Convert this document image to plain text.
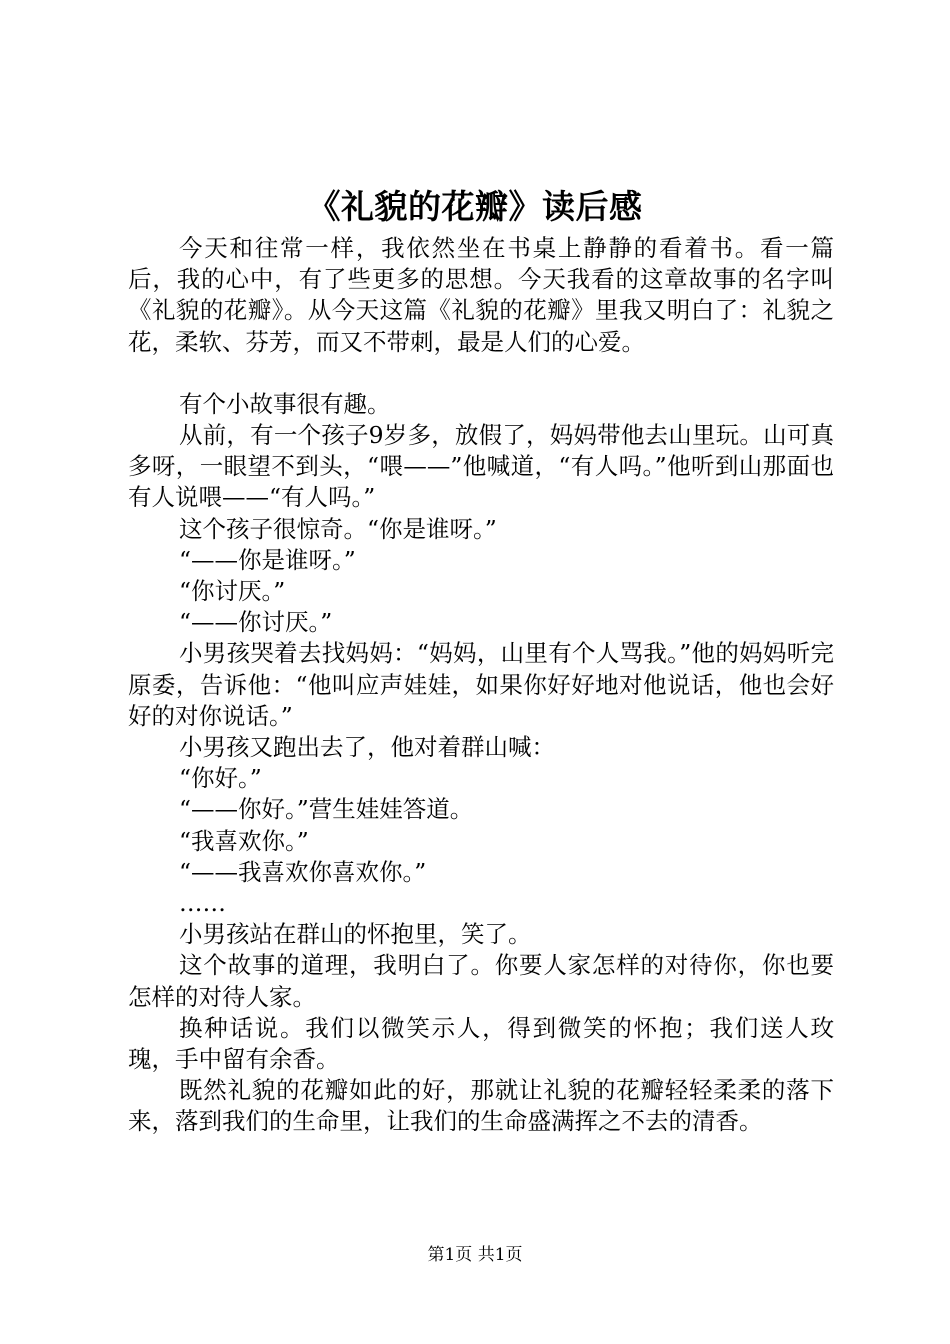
《礼貌的花瓣》读后感

今天和往常一样，我依然坐在书桌上静静的看着书。看一篇后，我的心中，有了些更多的思想。今天我看的这章故事的名字叫《礼貌的花瓣》。从今天这篇《礼貌的花瓣》里我又明白了：礼貌之花，柔软、芬芳，而又不带刺，最是人们的心爱。

有个小故事很有趣。

从前，有一个孩子9岁多，放假了，妈妈带他去山里玩。山可真多呀，一眼望不到头，“喂——”他喊道，“有人吗。”他听到山那面也有人说喂——“有人吗。”

这个孩子很惊奇。“你是谁呀。”

“——你是谁呀。”

“你讨厌。”

“——你讨厌。”

小男孩哭着去找妈妈：“妈妈，山里有个人骂我。”他的妈妈听完原委，告诉他：“他叫应声娃娃，如果你好好地对他说话，他也会好好的对你说话。”

小男孩又跑出去了，他对着群山喊：

“你好。”

“——你好。”营生娃娃答道。

“我喜欢你。”

“——我喜欢你喜欢你。”

……

小男孩站在群山的怀抱里，笑了。

这个故事的道理，我明白了。你要人家怎样的对待你，你也要怎样的对待人家。

换种话说。我们以微笑示人，得到微笑的怀抱；我们送人玫瑰，手中留有余香。

既然礼貌的花瓣如此的好，那就让礼貌的花瓣轻轻柔柔的落下来，落到我们的生命里，让我们的生命盛满挥之不去的清香。

第1页 共1页
